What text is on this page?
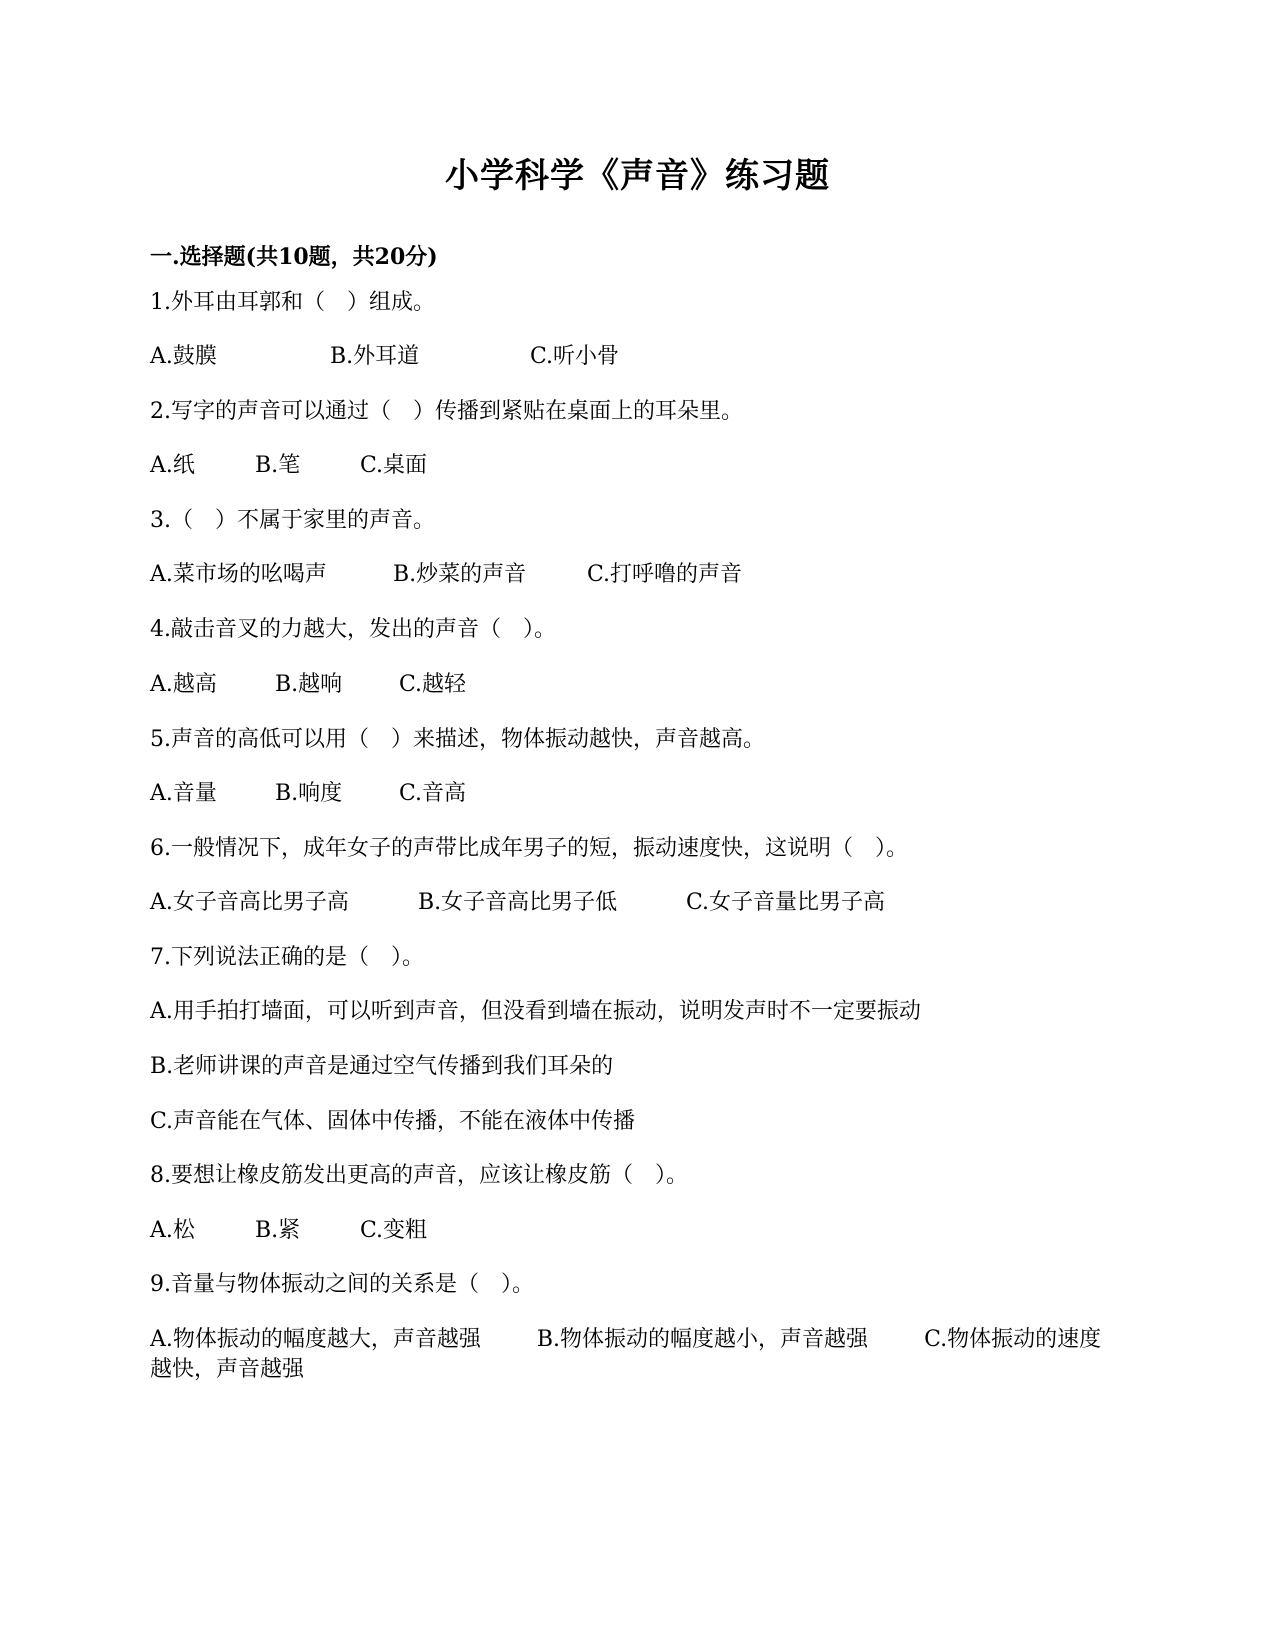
小学科学《声音》练习题
一.选择题(共10题，共20分)
1.外耳由耳郭和（　）组成。
A.鼓膜	B.外耳道	C.听小骨
2.写字的声音可以通过（　）传播到紧贴在桌面上的耳朵里。
A.纸	B.笔	C.桌面
3.（　）不属于家里的声音。
A.菜市场的吆喝声	B.炒菜的声音	C.打呼噜的声音
4.敲击音叉的力越大，发出的声音（　）。
A.越高	B.越响	C.越轻
5.声音的高低可以用（　）来描述，物体振动越快，声音越高。
A.音量	B.响度	C.音高
6.一般情况下，成年女子的声带比成年男子的短，振动速度快，这说明（　）。
A.女子音高比男子高	B.女子音高比男子低	C.女子音量比男子高
7.下列说法正确的是（　）。
A.用手拍打墙面，可以听到声音，但没看到墙在振动，说明发声时不一定要振动
B.老师讲课的声音是通过空气传播到我们耳朵的
C.声音能在气体、固体中传播，不能在液体中传播
8.要想让橡皮筋发出更高的声音，应该让橡皮筋（　）。
A.松	B.紧	C.变粗
9.音量与物体振动之间的关系是（　）。
A.物体振动的幅度越大，声音越强	B.物体振动的幅度越小，声音越强	C.物体振动的速度越快，声音越强
